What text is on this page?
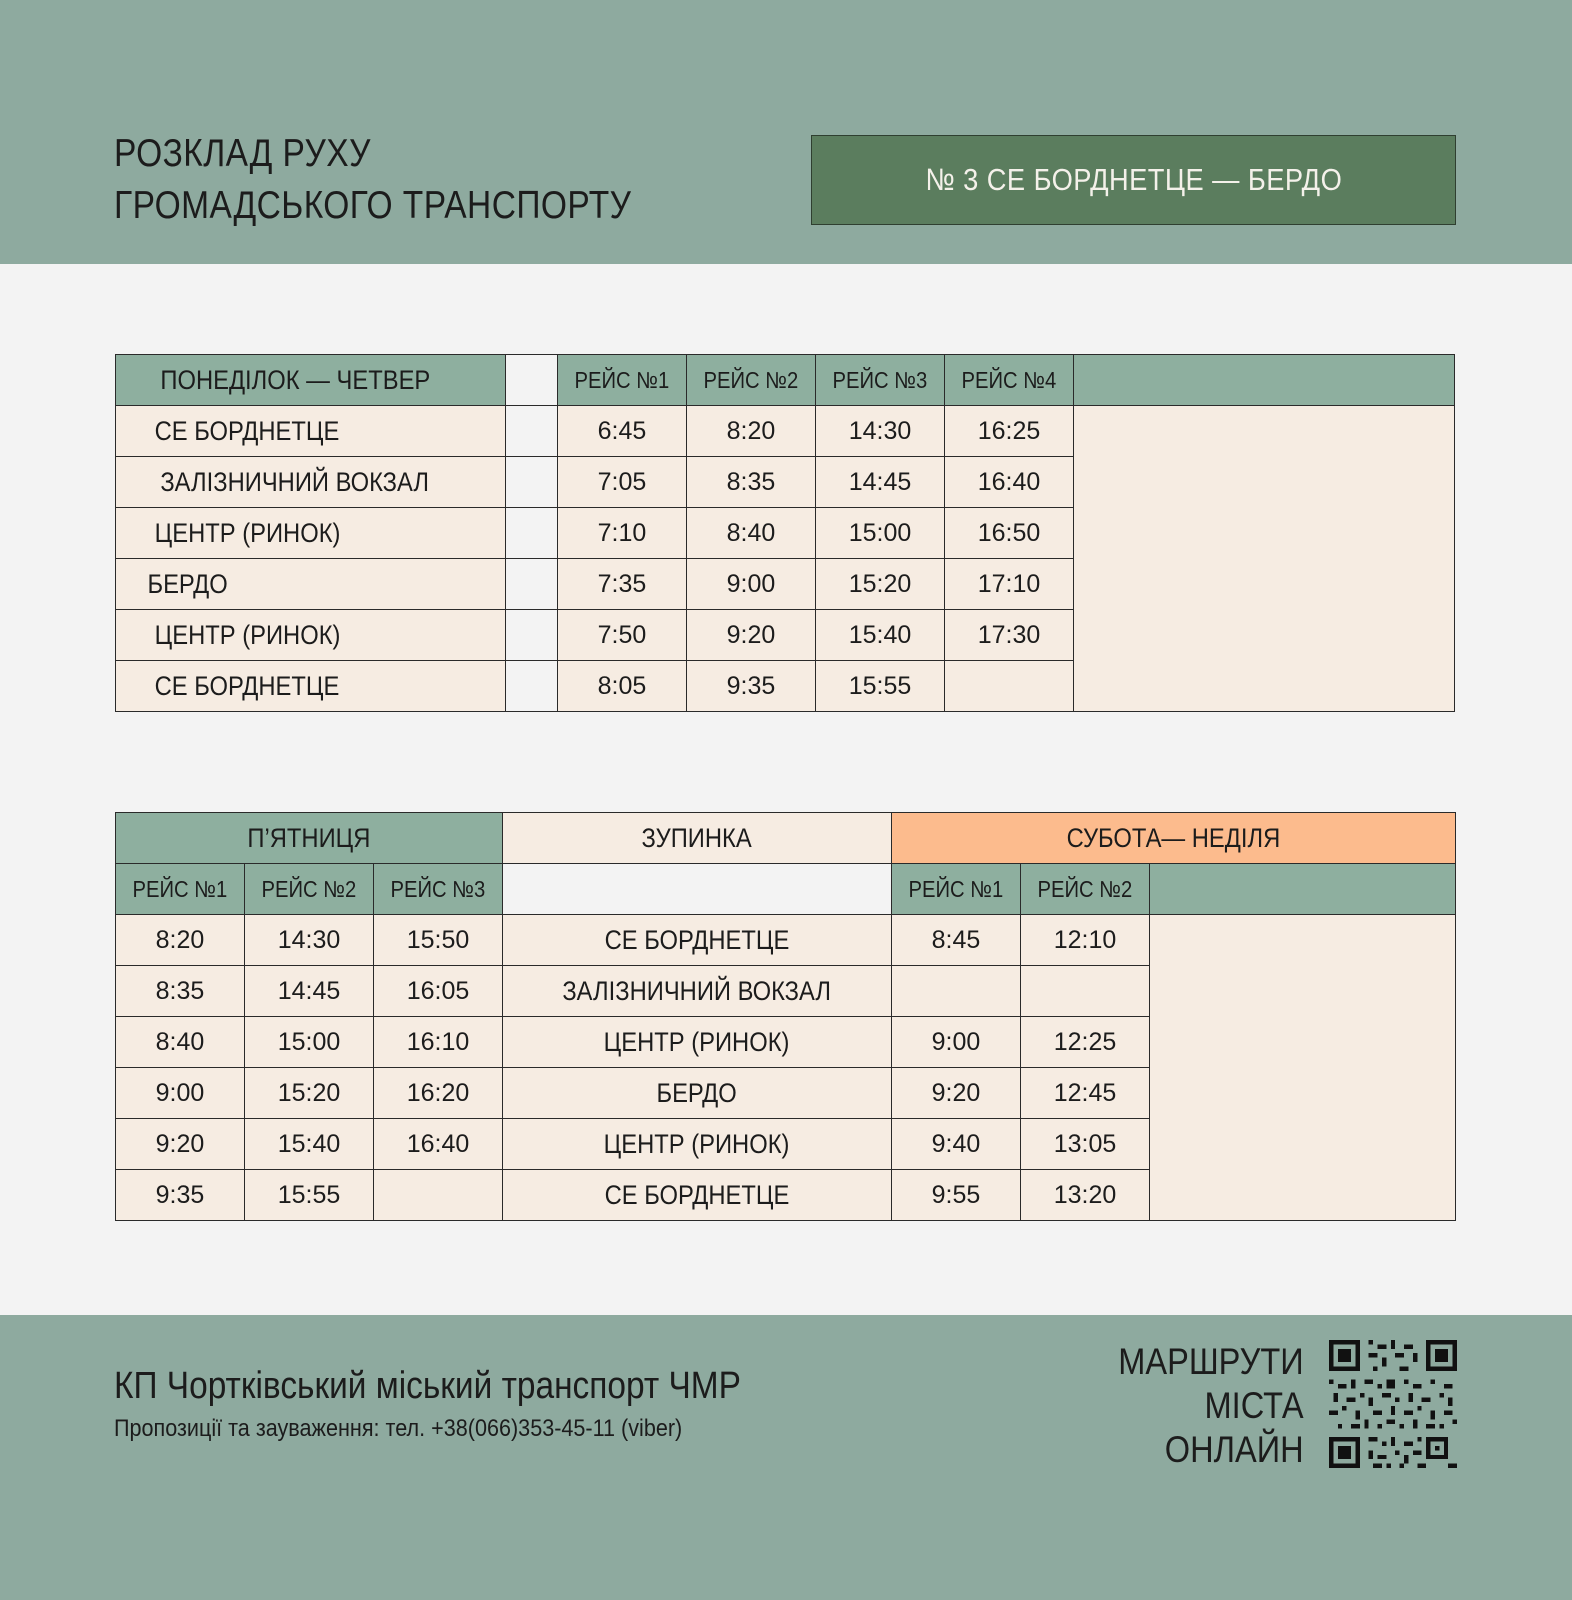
РОЗКЛАД РУХУ
ГРОМАДСЬКОГО ТРАНСПОРТУ
№ 3 СЕ БОРДНЕТЦЕ — БЕРДО
ПОНЕДІЛОК — ЧЕТВЕР		РЕЙС №1	РЕЙС №2	РЕЙС №3	РЕЙС №4	
СЕ БОРДНЕТЦЕ		6:45	8:20	14:30	16:25	
ЗАЛІЗНИЧНИЙ ВОКЗАЛ		7:05	8:35	14:45	16:40	
ЦЕНТР (РИНОК)		7:10	8:40	15:00	16:50	
БЕРДО		7:35	9:00	15:20	17:10	
ЦЕНТР (РИНОК)		7:50	9:20	15:40	17:30	
СЕ БОРДНЕТЦЕ		8:05	9:35	15:55		
П’ЯТНИЦЯ			ЗУПИНКА	СУБОТА— НЕДІЛЯ		
РЕЙС №1	РЕЙС №2	РЕЙС №3		РЕЙС №1	РЕЙС №2	
8:20	14:30	15:50	СЕ БОРДНЕТЦЕ	8:45	12:10	
8:35	14:45	16:05	ЗАЛІЗНИЧНИЙ ВОКЗАЛ			
8:40	15:00	16:10	ЦЕНТР (РИНОК)	9:00	12:25	
9:00	15:20	16:20	БЕРДО	9:20	12:45	
9:20	15:40	16:40	ЦЕНТР (РИНОК)	9:40	13:05	
9:35	15:55		СЕ БОРДНЕТЦЕ	9:55	13:20	
КП Чортківський міський транспорт ЧМР
Пропозиції та зауваження: тел. +38(066)353-45-11 (viber)
МАРШРУТИ
МІСТА
ОНЛАЙН
